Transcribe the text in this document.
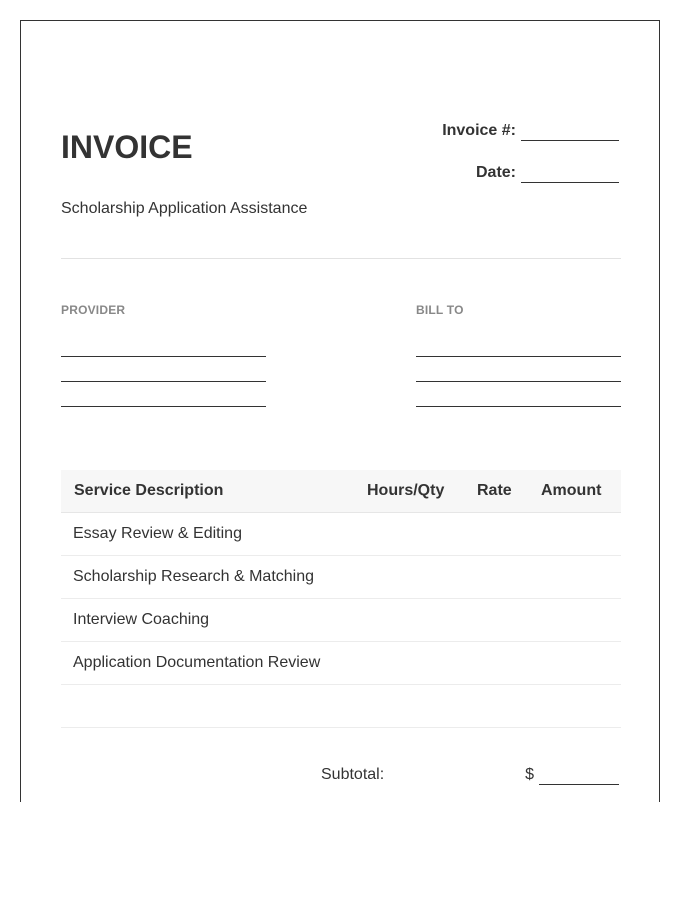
INVOICE	Invoice #:
Date:
Scholarship Application Assistance
PROVIDER	BILL TO
Service Description	Hours/Qty Rate Amount
Essay Review & Editing
Scholarship Research & Matching
Interview Coaching
Application Documentation Review
Subtotal:	$
